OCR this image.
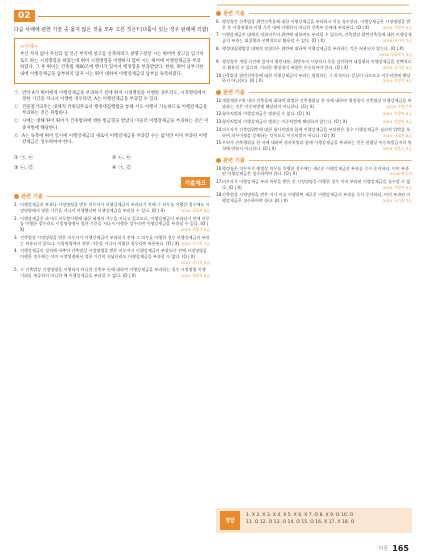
02
다음 사례에 관한 기술 중 옳지 않은 것을 모두 고른 것은? (다툼이 있는 경우 판례에 의함)
<사례>
부산 자치 없이 자신의 집 인근 부지에 창고를 신축하려고 광명구청장 시는 뛰어버 창고를 임기처토트 하는 시정명령을 하였는데 뛰어 시정명령을 이행하지 않아 시는 뛰어에 이행강제금을 부과하였다. 그 후 뛰어는 건축법 제80조에 행사가 있어서 행정형을 부과받았다. 한편, 뛰어 납부기한 내에 이행강제금을 납부하지 않자 시는 뛰어 대하여 이행강제금의 납부를 독촉하였다.
㉠ 만약 A가 뛰어에게 이행강제금을 부과하기 전에 뛰어 시정명령을 이행한 경우라도, 시정명령에서 정한 기간을 지나서 이행한 경우라면, A는 이행강제금을 부과할 수 있다.
㉡ 건물철거의무는 대체적 작위의무로서 행정대집행법을 통해 서도 이행이 가능하므로 이행강제금을 부과하는 것은 위법하다.
㉢ 시에는 대해 뛰어 뛰어가 건축법위에 대한 벌금형을 받았다 이울러 이행강제금을 부과하는 것은 이중처벌에 해당한다.
㉣ A는 독촉에 뛰어 일시에 이행강제금의 새로이 이행강제금을 부과할 수는 없지만 이미 부과된 이행강제금은 징수하여야 한다.
① ㉠, ㉢	② ㉡, ㉢
③ ㉡, ㉣	④ ㉠, ㉣
기출체크
관련 기출
1. 이행강제금의 부과나 시정명령을 받은 의무자가 이행강제금이 부과되기 전에 그 의무를 이행한 경우에도 시정명령에서 정한 기간을 지나서 이행했다면 이행강제금을 부과할 수 있다. (O | X)	2018 국회직 8급
2. 이행강제금은 과거의 의무불이행에 대한 제재의 기능을 지니고 있으므로, 이행강제금이 부과되기 전에 의무를 이행한 경우라도 시정명령에서 정한 기간을 지나서 이행한 경우라면 이행강제금을 부과할 수 있다. (O | X)	2019 서울시 9급
3. 건축법상 시정명령을 받은 의무자가 이행강제금이 부과되기 전에 그 의무를 이행한 경우 이행강제금의 부과는 허용되지 않으나, 시정명령에서 정한 기간을 지나서 이행한 경우라면 허용된다. (O | X) 2020 국가직 7급
4. 이행강제금의 성격에 비추어 건축법상 시정명령을 받은 의무자가 이행강제금이 부과되기 전에 시정명령을 이행한 경우에는 이미 시정명령에서 정한 기간이 지났더라도 이행강제금을 부과할 수 없다. (O | X)
2021 국가직 9급
5. 구 건축법상 시정명령을 이행하지 아니한 건축주 등에 대하여 이행강제금을 부과하는 경우 시정명령 이행 기회를 제공하지 아니한 채 이행강제금을 부과할 수 없다. (O | X)	2021 국회직 8급
관련 기출
6. 행정청은 건축법상 위반건축물에 대한 이행강제금을 부과하고 이를 징수한다. 이행강제금은 시정명령을 받은 후 시정명령의 이행 기간 내에 이행하지 아니한 건축주 등에게 부과된다. (O | X)	2019 지방직 9급
7. 이행강제금은 대체적 작위의무의 위반에 대하여도 부과될 수 있으며, 건축법상 위반건축물에 대한 이행강제금의 부과는 대집행과 선택적으로 활용할 수 있다. (O | X)	2016 국가직 7급
8. 행정대집행법상 대체적 작위의무 위반에 대하여 이행강제금을 부과하는 것은 허용되지 않는다. (O | X)
2016 사회복지 9급
9. 행정청은 개별 사건에 있어서 위반내용, 위반자의 시정의지 등을 감안하여 대집행과 이행강제금을 선택적으로 활용할 수 있으며, 이러한 행정청의 재량은 존중되어야 한다. (O | X)	2019 국가직 9급
10. 건축법상 위반건축물에 대한 이행강제금의 부과는 형벌과는 그 목적이나 성질이 다르므로 이중처벌에 해당하지 아니한다. (O | X)	2019 지방직 9급
관련 기출
11. 개발제한구역 내의 건축물에 대하여 위법한 건축행위를 한 자에 대하여 행정청이 건축법상 이행강제금을 부과하는 것은 이중처벌에 해당하지 아니한다. (O | X)	2020 소방간부
12. 형사처벌과 이행강제금은 병과될 수 없다. (O | X)	2021 지방직 9급
13. 형사처벌과 이행강제금의 병과는 이중처벌에 해당하지 않는다. (O | X)	2021 지방직 9급
14. 의무자가 건축법위반에 대한 형사처벌과 함께 이행강제금을 부과받은 경우 이행강제금은 심리적 압박을 통하여 의무이행을 강제하는 것이므로 이중처벌이 아니다. (O | X)	2019 국회직 8급
15. 무허가 건축행위를 한 자에 대하여 형사처벌과 함께 이행강제금을 부과하는 것은 헌법상 이중처벌금지의 원칙에 반하지 아니한다. (O | X)	2019 서울시 9급
관련 기출
16. 행정청은 의무자가 행정상 의무를 이행한 경우에는 새로운 이행강제금의 부과를 즉시 중지하되, 이미 부과된 이행강제금은 징수하여야 한다. (O | X)	2018 변호사
17. 의무자가 이행강제금 부과 처분을 받은 후 시정명령을 이행한 경우 이미 부과된 이행강제금을 징수할 수 없다. (O | X)	2018 지방직 9급
18. 건축법상 시정명령을 받은 자가 이를 이행하면 새로운 이행강제금의 부과를 즉시 중지하되, 이미 부과된 이행강제금은 징수하여야 한다. (O | X)	2021 국가직 7급
정답
1. X 2. X 3. X 4. X 5. X 6. X 7. O 8. X 9. O 10. O
11. O 12. O 13. O 14. O 15. O 16. X 17. X 18. O
각론 165
